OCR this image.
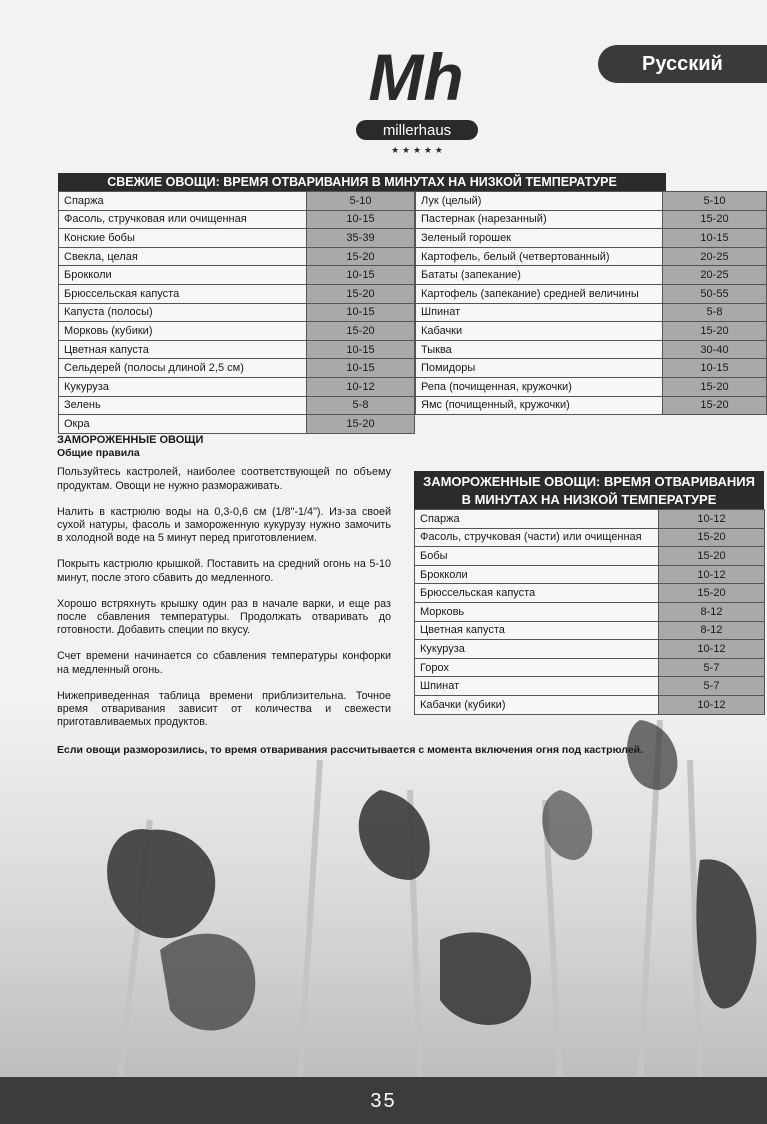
Русский
Mh
millerhaus
★ ★ ★ ★ ★
СВЕЖИЕ ОВОЩИ: ВРЕМЯ ОТВАРИВАНИЯ В МИНУТАХ НА НИЗКОЙ ТЕМПЕРАТУРЕ
Спаржа	5-10
Фасоль, стручковая или очищенная	10-15
Конские бобы	35-39
Свекла, целая	15-20
Брокколи	10-15
Брюссельская капуста	15-20
Капуста (полосы)	10-15
Морковь (кубики)	15-20
Цветная капуста	10-15
Сельдерей (полосы длиной 2,5 см)	10-15
Кукуруза	10-12
Зелень	5-8
Окра	15-20
Лук (целый)	5-10
Пастернак (нарезанный)	15-20
Зеленый горошек	10-15
Картофель, белый (четвертованный)	20-25
Бататы (запекание)	20-25
Картофель (запекание) средней величины	50-55
Шпинат	5-8
Кабачки	15-20
Тыква	30-40
Помидоры	10-15
Репа (почищенная, кружочки)	15-20
Ямс (почищенный, кружочки)	15-20
ЗАМОРОЖЕННЫЕ ОВОЩИ
Общие правила

Пользуйтесь кастролей, наиболее соответствующей по объему продуктам. Овощи не нужно размораживать.

Налить в кастрюлю воды на 0,3-0,6 см (1/8"-1/4"). Из-за своей сухой натуры, фасоль и замороженную кукурузу нужно замочить в холодной воде на 5 минут перед приготовлением.

Покрыть кастрюлю крышкой. Поставить на средний огонь на 5-10 минут, после этого сбавить до медленного.

Хорошо встряхнуть крышку один раз в начале варки, и еще раз после сбавления температуры. Продолжать отваривать до готовности. Добавить специи по вкусу.

Счет времени начинается со сбавления температуры конфорки на медленный огонь.

Нижеприведенная таблица времени приблизительна. Точное время отваривания зависит от количества и свежести приготавливаемых продуктов.

ЗАМОРОЖЕННЫЕ ОВОЩИ: ВРЕМЯ ОТВАРИВАНИЯ
В МИНУТАХ НА НИЗКОЙ ТЕМПЕРАТУРЕ
Спаржа	10-12
Фасоль, стручковая (части) или очищенная	15-20
Бобы	15-20
Брокколи	10-12
Брюссельская капуста	15-20
Морковь	8-12
Цветная капуста	8-12
Кукуруза	10-12
Горох	5-7
Шпинат	5-7
Кабачки (кубики)	10-12
Если овощи разморозились, то время отваривания рассчитывается с момента включения огня под кастрюлей.
35
